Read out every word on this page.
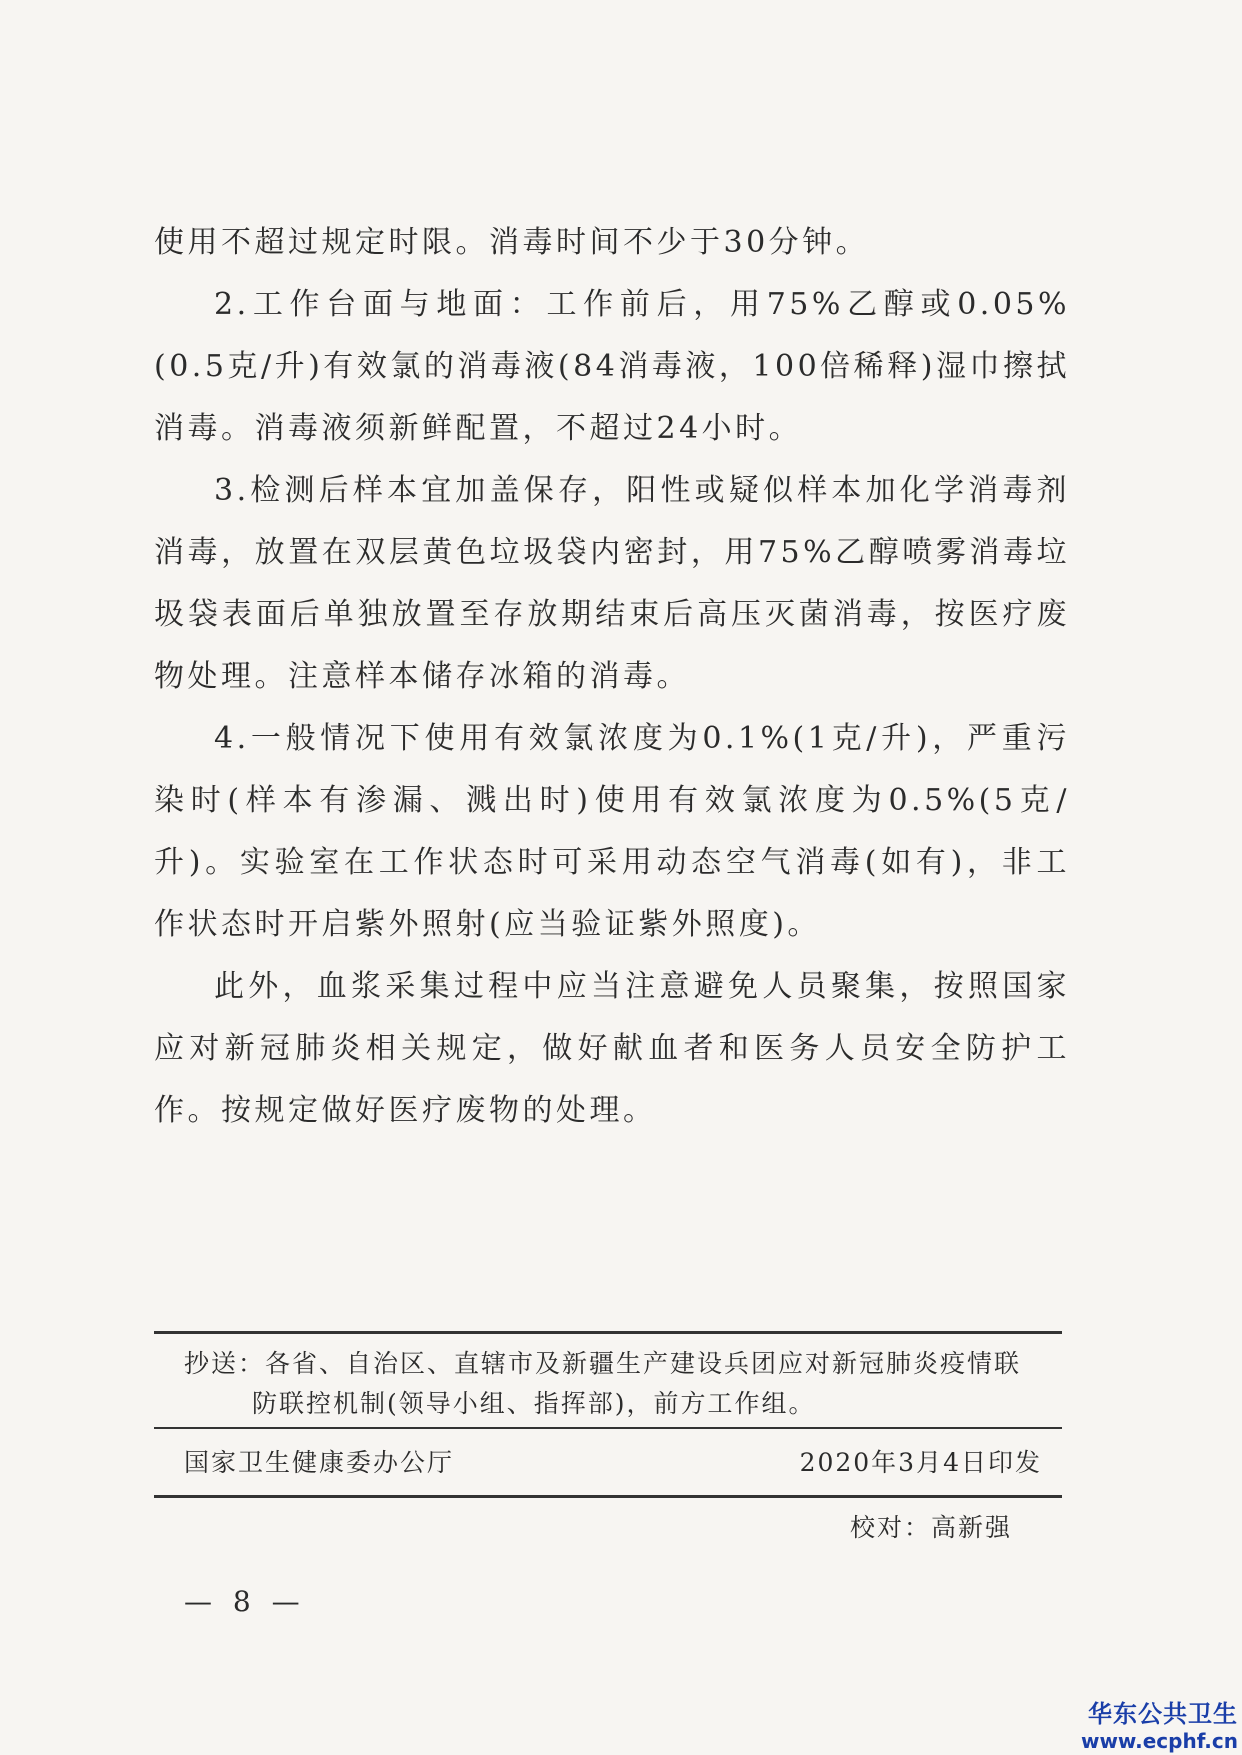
使用不超过规定时限。消毒时间不少于30分钟。

2.工作台面与地面：工作前后，用75%乙醇或0.05%(0.5克/升)有效氯的消毒液(84消毒液，100倍稀释)湿巾擦拭消毒。消毒液须新鲜配置，不超过24小时。

3.检测后样本宜加盖保存，阳性或疑似样本加化学消毒剂消毒，放置在双层黄色垃圾袋内密封，用75%乙醇喷雾消毒垃圾袋表面后单独放置至存放期结束后高压灭菌消毒，按医疗废物处理。注意样本储存冰箱的消毒。

4.一般情况下使用有效氯浓度为0.1%(1克/升)，严重污染时(样本有渗漏、溅出时)使用有效氯浓度为0.5%(5克/升)。实验室在工作状态时可采用动态空气消毒(如有)，非工作状态时开启紫外照射(应当验证紫外照度)。

此外，血浆采集过程中应当注意避免人员聚集，按照国家应对新冠肺炎相关规定，做好献血者和医务人员安全防护工作。按规定做好医疗废物的处理。

抄送：各省、自治区、直辖市及新疆生产建设兵团应对新冠肺炎疫情联
防联控机制(领导小组、指挥部)，前方工作组。
国家卫生健康委办公厅	2020年3月4日印发
校对：高新强
— 8 —
华东公共卫生
www.ecphf.cn
